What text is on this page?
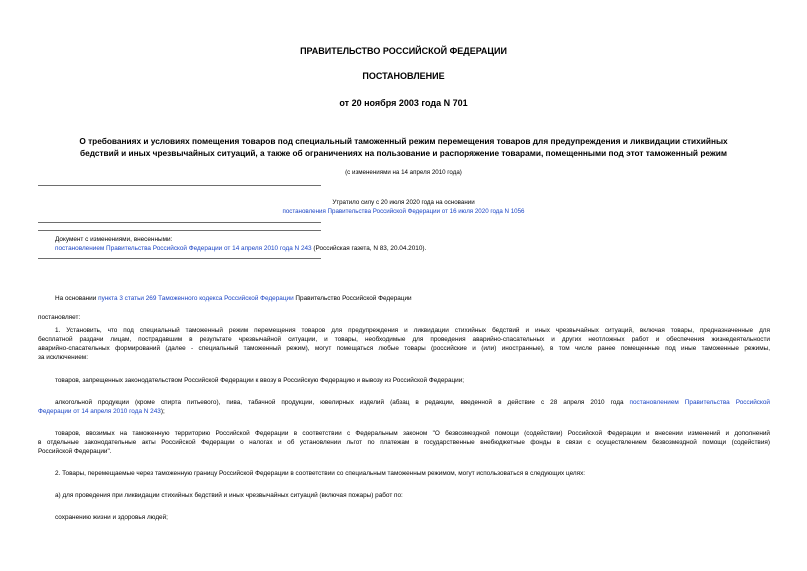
ПРАВИТЕЛЬСТВО РОССИЙСКОЙ ФЕДЕРАЦИИ
ПОСТАНОВЛЕНИЕ
от 20 ноября 2003 года N 701
О требованиях и условиях помещения товаров под специальный таможенный режим перемещения товаров для предупреждения и ликвидации стихийных
бедствий и иных чрезвычайных ситуаций, а также об ограничениях на пользование и распоряжение товарами, помещенными под этот таможенный режим
(с изменениями на 14 апреля 2010 года)
Утратило силу с 20 июля 2020 года на основании
постановления Правительства Российской Федерации от 16 июля 2020 года N 1056
Документ с изменениями, внесенными:
постановлением Правительства Российской Федерации от 14 апреля 2010 года N 243 (Российская газета, N 83, 20.04.2010).
На основании пункта 3 статьи 269 Таможенного кодекса Российской Федерации Правительство Российской Федерации
постановляет:
1. Установить, что под специальный таможенный режим перемещения товаров для предупреждения и ликвидации стихийных бедствий и иных чрезвычайных ситуаций, включая товары, предназначенные для
бесплатной раздачи лицам, пострадавшим в результате чрезвычайной ситуации, и товары, необходимые для проведения аварийно-спасательных и других неотложных работ и обеспечения жизнедеятельности
аварийно-спасательных формирований (далее - специальный таможенный режим), могут помещаться любые товары (российские и (или) иностранные), в том числе ранее помещенные под иные таможенные режимы,
за исключением:
товаров, запрещенных законодательством Российской Федерации к ввозу в Российскую Федерацию и вывозу из Российской Федерации;
алкогольной продукции (кроме спирта питьевого), пива, табачной продукции, ювелирных изделий (абзац в редакции, введенной в действие с 28 апреля 2010 года постановлением Правительства Российской
Федерации от 14 апреля 2010 года N 243);
товаров, ввозимых на таможенную территорию Российской Федерации в соответствии с Федеральным законом "О безвозмездной помощи (содействии) Российской Федерации и внесении изменений и дополнений
в отдельные законодательные акты Российской Федерации о налогах и об установлении льгот по платежам в государственные внебюджетные фонды в связи с осуществлением безвозмездной помощи (содействия)
Российской Федерации".
2. Товары, перемещаемые через таможенную границу Российской Федерации в соответствии со специальным таможенным режимом, могут использоваться в следующих целях:
а) для проведения при ликвидации стихийных бедствий и иных чрезвычайных ситуаций (включая пожары) работ по:
сохранению жизни и здоровья людей;
